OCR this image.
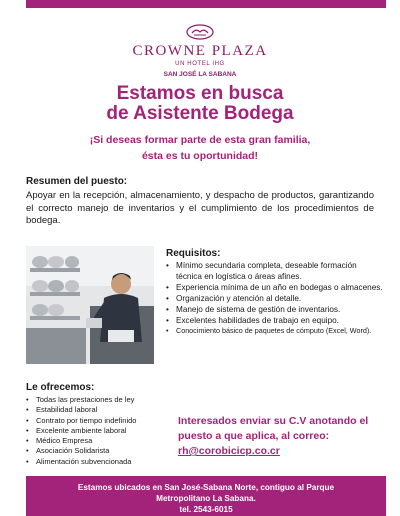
CROWNE PLAZA
UN HOTEL IHG
SAN JOSÉ LA SABANA
Estamos en busca
de Asistente Bodega
¡Si deseas formar parte de esta gran familia,
ésta es tu oportunidad!
Resumen del puesto:
Apoyar en la recepción, almacenamiento, y despacho de productos, garantizando el correcto manejo de inventarios y el cumplimiento de los procedimientos de bodega.
Requisitos:
• Mínimo secundaria completa, deseable formación técnica en logística o áreas afines.
• Experiencia mínima de un año en bodegas o almacenes.
• Organización y atención al detalle.
• Manejo de sistema de gestión de inventarios.
• Excelentes habilidades de trabajo en equipo.
• Conocimiento básico de paquetes de cómputo (Excel, Word).
Le ofrecemos:
• Todas las prestaciones de ley
• Estabilidad laboral
• Contrato por tiempo indefinido
• Excelente ambiente laboral
• Médico Empresa
• Asociación Solidarista
• Alimentación subvencionada
Interesados enviar su C.V anotando el puesto a que aplica, al correo:
rh@corobicicp.co.cr
Estamos ubicados en San José-Sabana Norte, contiguo al Parque
Metropolitano La Sabana.
tel. 2543-6015
